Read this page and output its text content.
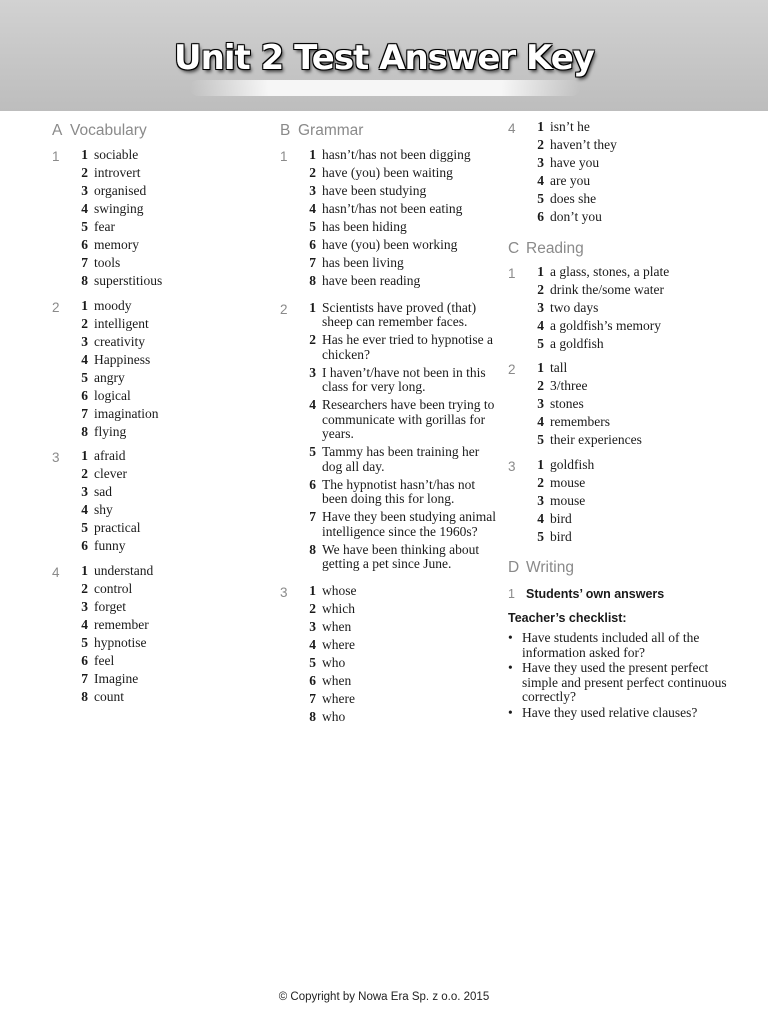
Unit 2 Test Answer Key
A Vocabulary
1	1 sociable
2 introvert
3 organised
4 swinging
5 fear
6 memory
7 tools
8 superstitious
2	1 moody
2 intelligent
3 creativity
4 Happiness
5 angry
6 logical
7 imagination
8 flying
3	1 afraid
2 clever
3 sad
4 shy
5 practical
6 funny
4	1 understand
2 control
3 forget
4 remember
5 hypnotise
6 feel
7 Imagine
8 count
B Grammar
1	1 hasn’t/has not been digging
2 have (you) been waiting
3 have been studying
4 hasn’t/has not been eating
5 has been hiding
6 have (you) been working
7 has been living
8 have been reading
2	1 Scientists have proved (that) sheep can remember faces.
2 Has he ever tried to hypnotise a chicken?
3 I haven’t/have not been in this class for very long.
4 Researchers have been trying to communicate with gorillas for years.
5 Tammy has been training her dog all day.
6 The hypnotist hasn’t/has not been doing this for long.
7 Have they been studying animal intelligence since the 1960s?
8 We have been thinking about getting a pet since June.
3	1 whose
2 which
3 when
4 where
5 who
6 when
7 where
8 who
4	1 isn’t he
2 haven’t they
3 have you
4 are you
5 does she
6 don’t you
C Reading
1	1 a glass, stones, a plate
2 drink the/some water
3 two days
4 a goldfish’s memory
5 a goldfish
2	1 tall
2 3/three
3 stones
4 remembers
5 their experiences
3	1 goldfish
2 mouse
3 mouse
4 bird
5 bird
D Writing
1 Students’ own answers
Teacher’s checklist:
• Have students included all of the information asked for?
• Have they used the present perfect simple and present perfect continuous correctly?
• Have they used relative clauses?
© Copyright by Nowa Era Sp. z o.o. 2015
